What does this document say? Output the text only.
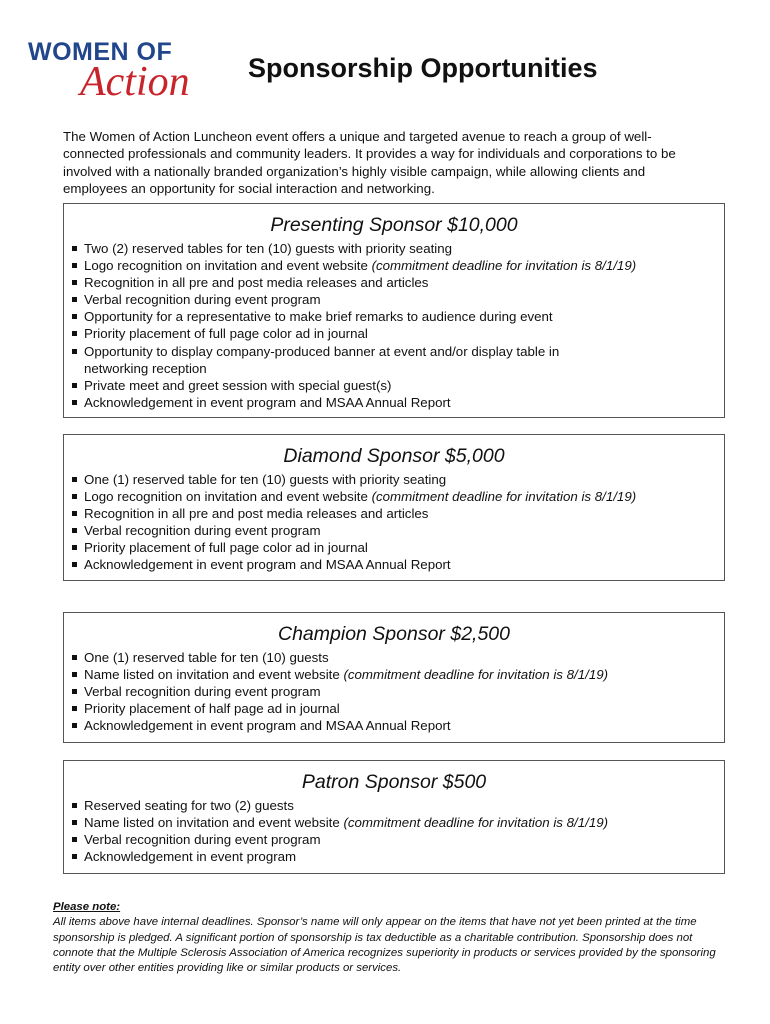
WOMEN OF
Action Sponsorship Opportunities
The Women of Action Luncheon event offers a unique and targeted avenue to reach a group of well-connected professionals and community leaders. It provides a way for individuals and corporations to be involved with a nationally branded organization’s highly visible campaign, while allowing clients and employees an opportunity for social interaction and networking.
Presenting Sponsor $10,000
Two (2) reserved tables for ten (10) guests with priority seating
Logo recognition on invitation and event website (commitment deadline for invitation is 8/1/19)
Recognition in all pre and post media releases and articles
Verbal recognition during event program
Opportunity for a representative to make brief remarks to audience during event
Priority placement of full page color ad in journal
Opportunity to display company-produced banner at event and/or display table in networking reception
Private meet and greet session with special guest(s)
Acknowledgement in event program and MSAA Annual Report
Diamond Sponsor $5,000
One (1) reserved table for ten (10) guests with priority seating
Logo recognition on invitation and event website (commitment deadline for invitation is 8/1/19)
Recognition in all pre and post media releases and articles
Verbal recognition during event program
Priority placement of full page color ad in journal
Acknowledgement in event program and MSAA Annual Report
Champion Sponsor $2,500
One (1) reserved table for ten (10) guests
Name listed on invitation and event website (commitment deadline for invitation is 8/1/19)
Verbal recognition during event program
Priority placement of half page ad in journal
Acknowledgement in event program and MSAA Annual Report
Patron Sponsor $500
Reserved seating for two (2) guests
Name listed on invitation and event website (commitment deadline for invitation is 8/1/19)
Verbal recognition during event program
Acknowledgement in event program
Please note:
All items above have internal deadlines. Sponsor’s name will only appear on the items that have not yet been printed at the time sponsorship is pledged. A significant portion of sponsorship is tax deductible as a charitable contribution. Sponsorship does not connote that the Multiple Sclerosis Association of America recognizes superiority in products or services provided by the sponsoring entity over other entities providing like or similar products or services.
